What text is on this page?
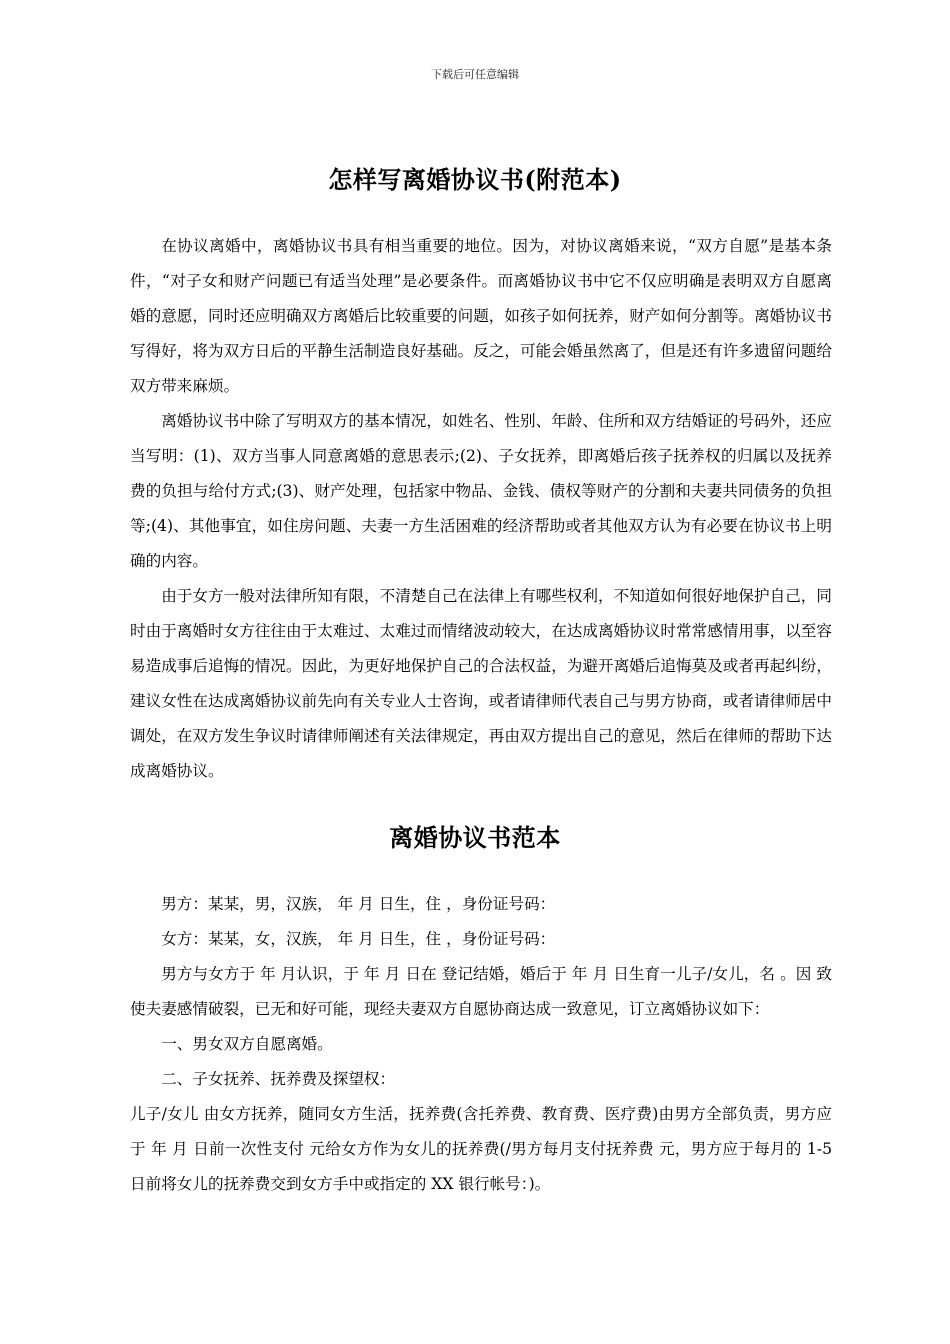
下载后可任意编辑
怎样写离婚协议书(附范本)

在协议离婚中，离婚协议书具有相当重要的地位。因为，对协议离婚来说，“双方自愿”是基本条件，“对子女和财产问题已有适当处理”是必要条件。而离婚协议书中它不仅应明确是表明双方自愿离婚的意愿，同时还应明确双方离婚后比较重要的问题，如孩子如何抚养，财产如何分割等。离婚协议书写得好，将为双方日后的平静生活制造良好基础。反之，可能会婚虽然离了，但是还有许多遗留问题给双方带来麻烦。

离婚协议书中除了写明双方的基本情况，如姓名、性别、年龄、住所和双方结婚证的号码外，还应当写明：(1)、双方当事人同意离婚的意思表示;(2)、子女抚养，即离婚后孩子抚养权的归属以及抚养费的负担与给付方式;(3)、财产处理，包括家中物品、金钱、债权等财产的分割和夫妻共同债务的负担等;(4)、其他事宜，如住房问题、夫妻一方生活困难的经济帮助或者其他双方认为有必要在协议书上明确的内容。

由于女方一般对法律所知有限，不清楚自己在法律上有哪些权利，不知道如何很好地保护自己，同时由于离婚时女方往往由于太难过、太难过而情绪波动较大，在达成离婚协议时常常感情用事，以至容易造成事后追悔的情况。因此，为更好地保护自己的合法权益，为避开离婚后追悔莫及或者再起纠纷，建议女性在达成离婚协议前先向有关专业人士咨询，或者请律师代表自己与男方协商，或者请律师居中调处，在双方发生争议时请律师阐述有关法律规定，再由双方提出自己的意见，然后在律师的帮助下达成离婚协议。

离婚协议书范本

男方：某某，男，汉族， 年 月 日生，住 ，身份证号码：

女方：某某，女，汉族， 年 月 日生，住 ，身份证号码：

男方与女方于 年 月认识，于 年 月 日在 登记结婚，婚后于 年 月 日生育一儿子/女儿，名 。因 致使夫妻感情破裂，已无和好可能，现经夫妻双方自愿协商达成一致意见，订立离婚协议如下：

一、男女双方自愿离婚。

二、子女抚养、抚养费及探望权：

儿子/女儿 由女方抚养，随同女方生活，抚养费(含托养费、教育费、医疗费)由男方全部负责，男方应于 年 月 日前一次性支付 元给女方作为女儿的抚养费(/男方每月支付抚养费 元，男方应于每月的 1-5 日前将女儿的抚养费交到女方手中或指定的 XX 银行帐号：)。
